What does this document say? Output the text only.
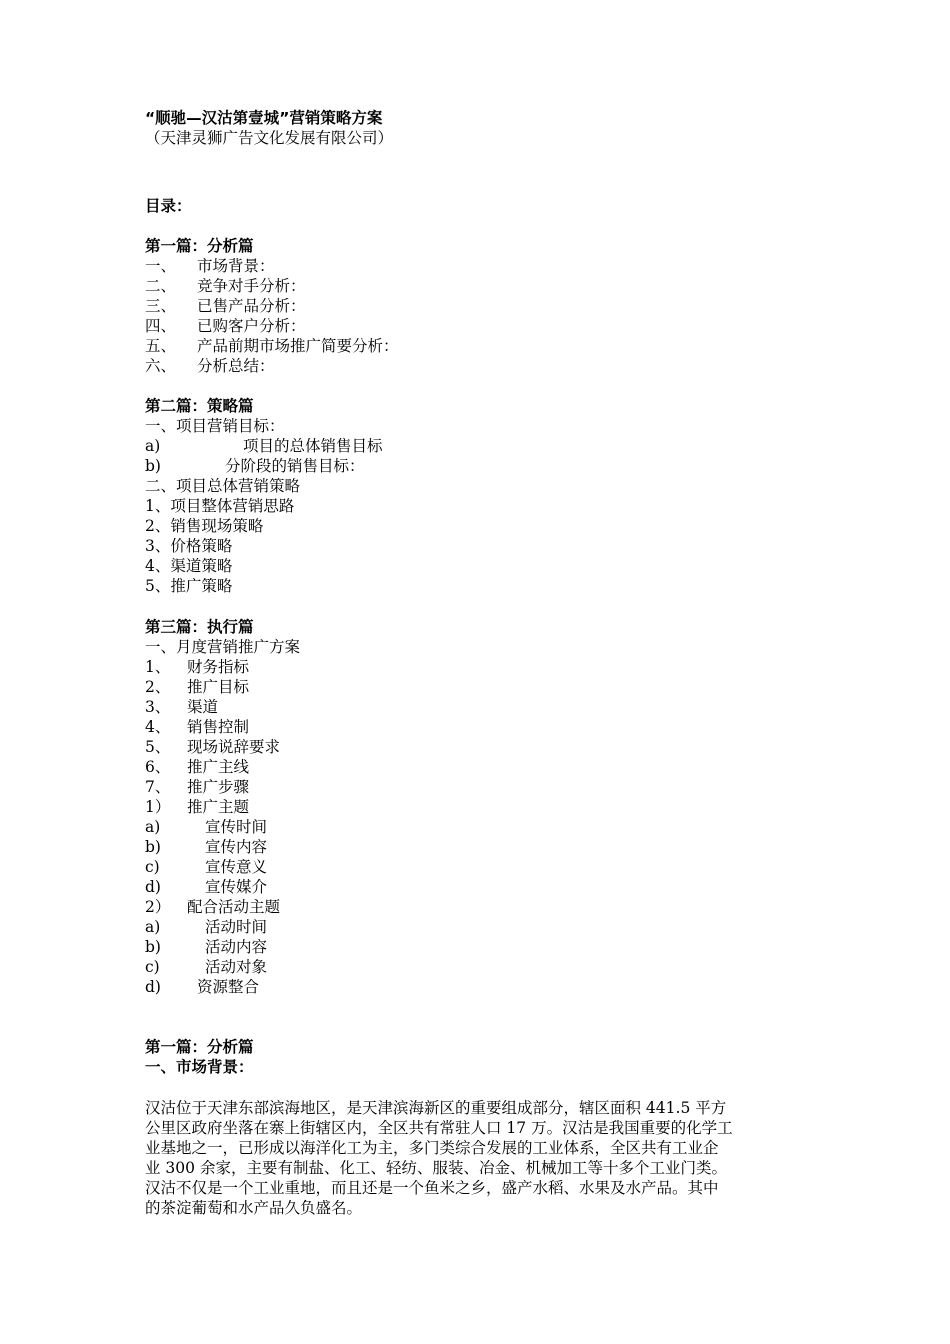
“顺驰—汉沽第壹城”营销策略方案
（天津灵狮广告文化发展有限公司）
目录：
第一篇：分析篇
一、 市场背景：
二、 竞争对手分析：
三、 已售产品分析：
四、 已购客户分析：
五、 产品前期市场推广简要分析：
六、 分析总结：
第二篇：策略篇
一、项目营销目标：
a)	项目的总体销售目标
b)	分阶段的销售目标：
二、项目总体营销策略
1、项目整体营销思路
2、销售现场策略
3、价格策略
4、渠道策略
5、推广策略
第三篇：执行篇
一、月度营销推广方案
1、 财务指标
2、 推广目标
3、 渠道
4、 销售控制
5、 现场说辞要求
6、 推广主线
7、 推广步骤
1） 推广主题
a)	宣传时间
b)	宣传内容
c)	宣传意义
d)	宣传媒介
2） 配合活动主题
a)	活动时间
b)	活动内容
c)	活动对象
d) 资源整合
第一篇：分析篇
一、市场背景：
汉沽位于天津东部滨海地区，是天津滨海新区的重要组成部分，辖区面积 441.5 平方
公里区政府坐落在寨上街辖区内，全区共有常驻人口 17 万。汉沽是我国重要的化学工
业基地之一，已形成以海洋化工为主，多门类综合发展的工业体系，全区共有工业企
业 300 余家，主要有制盐、化工、轻纺、服装、冶金、机械加工等十多个工业门类。
汉沽不仅是一个工业重地，而且还是一个鱼米之乡，盛产水稻、水果及水产品。其中
的茶淀葡萄和水产品久负盛名。
